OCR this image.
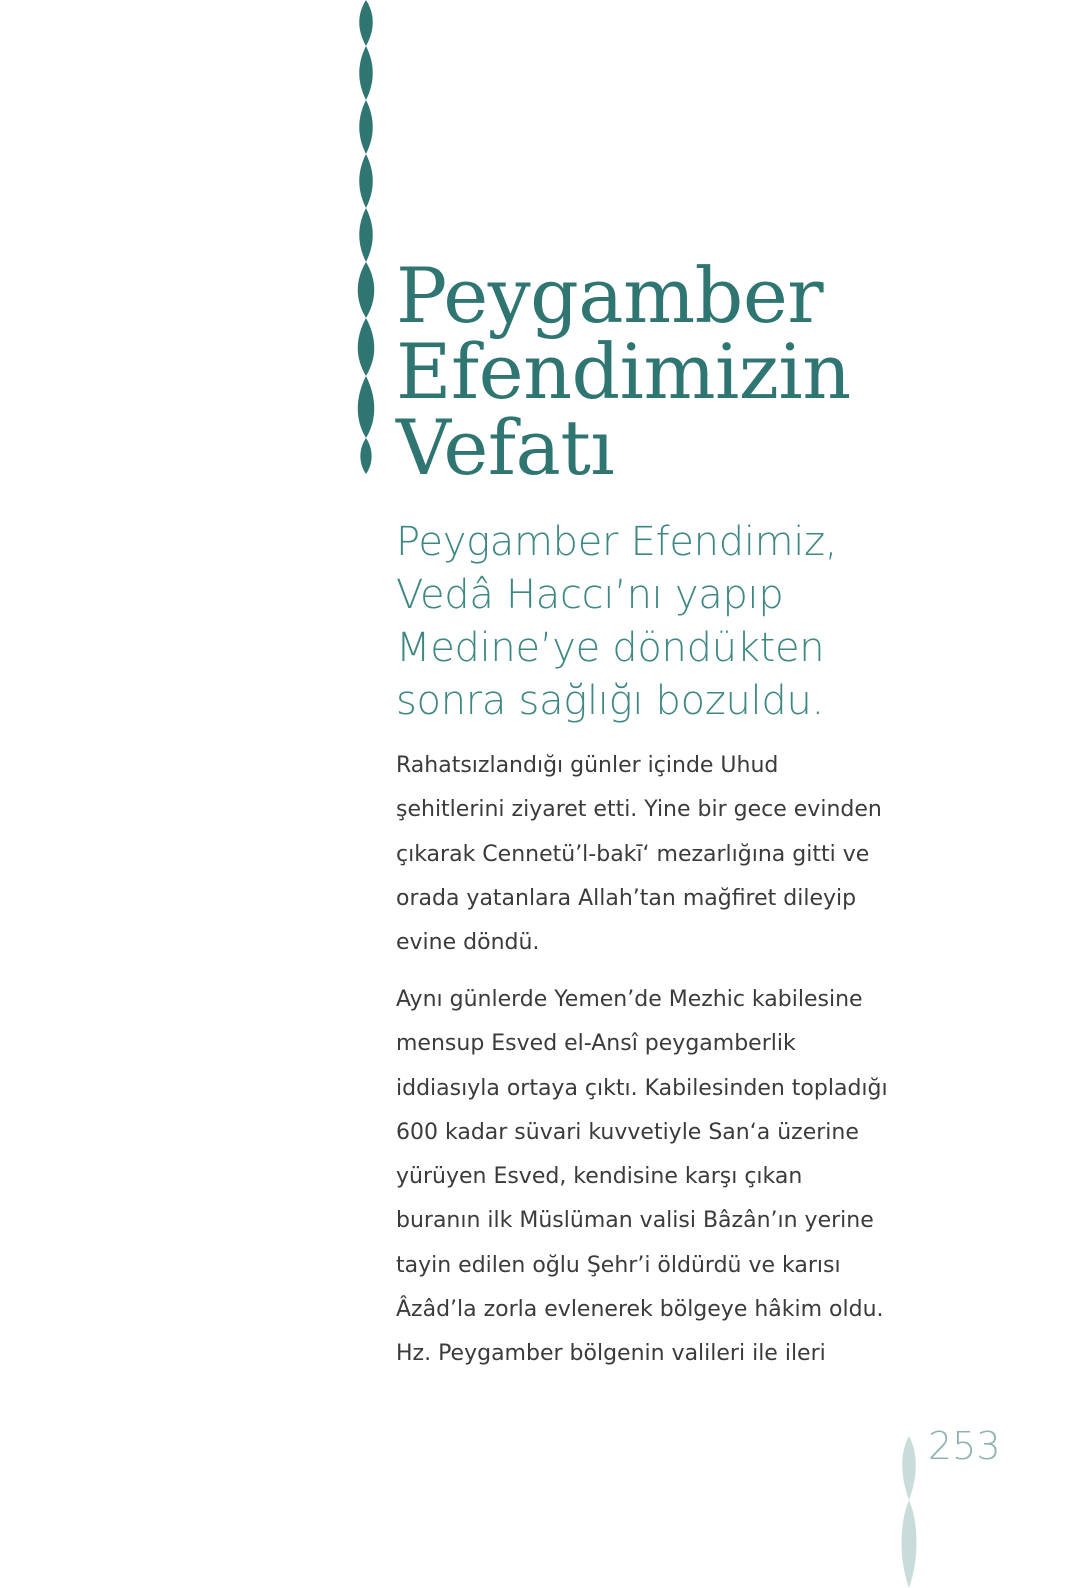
Peygamber
Efendimizin
Vefatı

Peygamber Efendimiz,
Vedâ Haccı’nı yapıp
Medine’ye döndükten
sonra sağlığı bozuldu.

Rahatsızlandığı günler içinde Uhud
şehitlerini ziyaret etti. Yine bir gece evinden
çıkarak Cennetü’l-bakī‘ mezarlığına gitti ve
orada yatanlara Allah’tan mağfiret dileyip
evine döndü.

Aynı günlerde Yemen’de Mezhic kabilesine
mensup Esved el-Ansî peygamberlik
iddiasıyla ortaya çıktı. Kabilesinden topladığı
600 kadar süvari kuvvetiyle San‘a üzerine
yürüyen Esved, kendisine karşı çıkan
buranın ilk Müslüman valisi Bâzân’ın yerine
tayin edilen oğlu Şehr’i öldürdü ve karısı
Âzâd’la zorla evlenerek bölgeye hâkim oldu.
Hz. Peygamber bölgenin valileri ile ileri

253
